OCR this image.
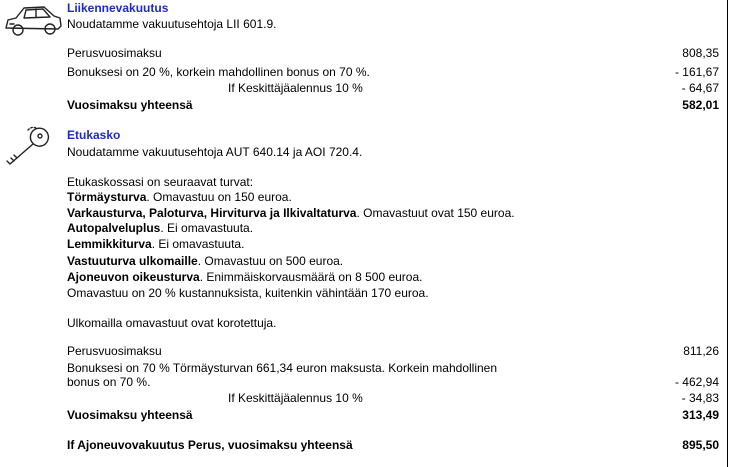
Liikennevakuutus
Noudatamme vakuutusehtoja LII 601.9.
Perusvuosimaksu	808,35
Bonuksesi on 20 %, korkein mahdollinen bonus on 70 %.	- 161,67
If Keskittäjäalennus 10 %	- 64,67
Vuosimaksu yhteensä	582,01
Etukasko
Noudatamme vakuutusehtoja AUT 640.14 ja AOI 720.4.
Etukaskossasi on seuraavat turvat:
Törmäysturva. Omavastuu on 150 euroa.
Varkausturva, Paloturva, Hirviturva ja Ilkivaltaturva. Omavastuut ovat 150 euroa.
Autopalveluplus. Ei omavastuuta.
Lemmikkiturva. Ei omavastuuta.
Vastuuturva ulkomaille. Omavastuu on 500 euroa.
Ajoneuvon oikeusturva. Enimmäiskorvausmäärä on 8 500 euroa.
Omavastuu on 20 % kustannuksista, kuitenkin vähintään 170 euroa.
Ulkomailla omavastuut ovat korotettuja.
Perusvuosimaksu	811,26
Bonuksesi on 70 % Törmäysturvan 661,34 euron maksusta. Korkein mahdollinen
bonus on 70 %.	- 462,94
If Keskittäjäalennus 10 %	- 34,83
Vuosimaksu yhteensä	313,49
If Ajoneuvovakuutus Perus, vuosimaksu yhteensä	895,50
